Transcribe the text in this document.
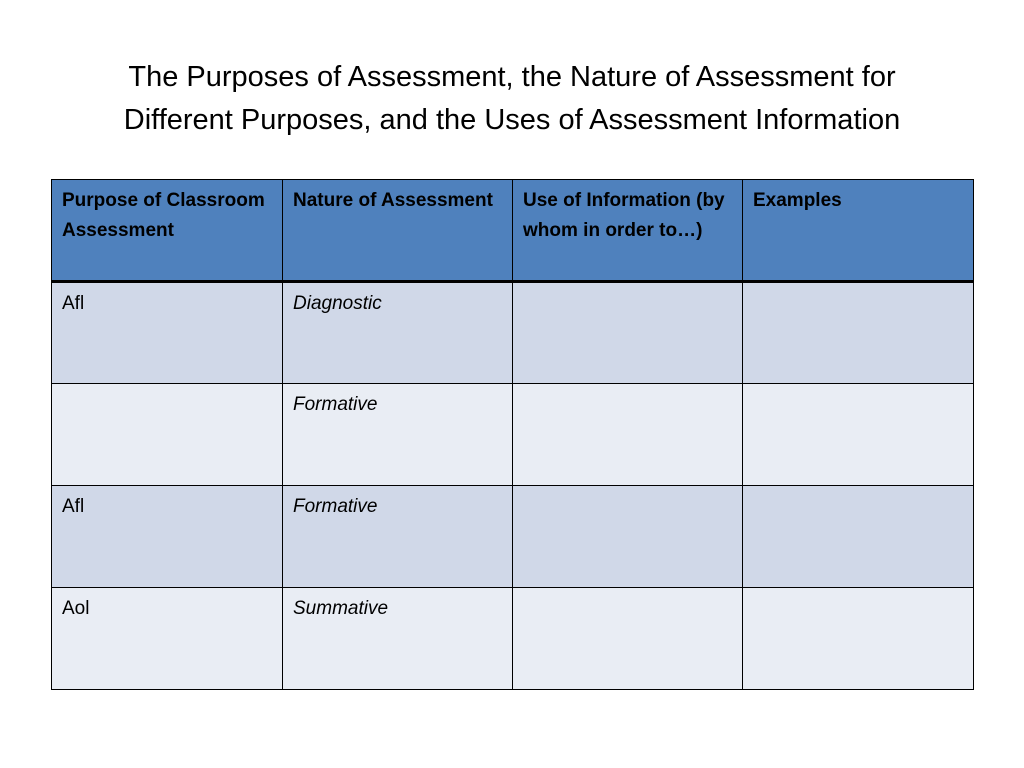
The Purposes of Assessment, the Nature of Assessment for
Different Purposes, and the Uses of Assessment Information
Purpose of Classroom Assessment	Nature of Assessment	Use of Information (by whom in order to…)	Examples
Afl	Diagnostic		
	Formative		
Afl	Formative		
Aol	Summative		
